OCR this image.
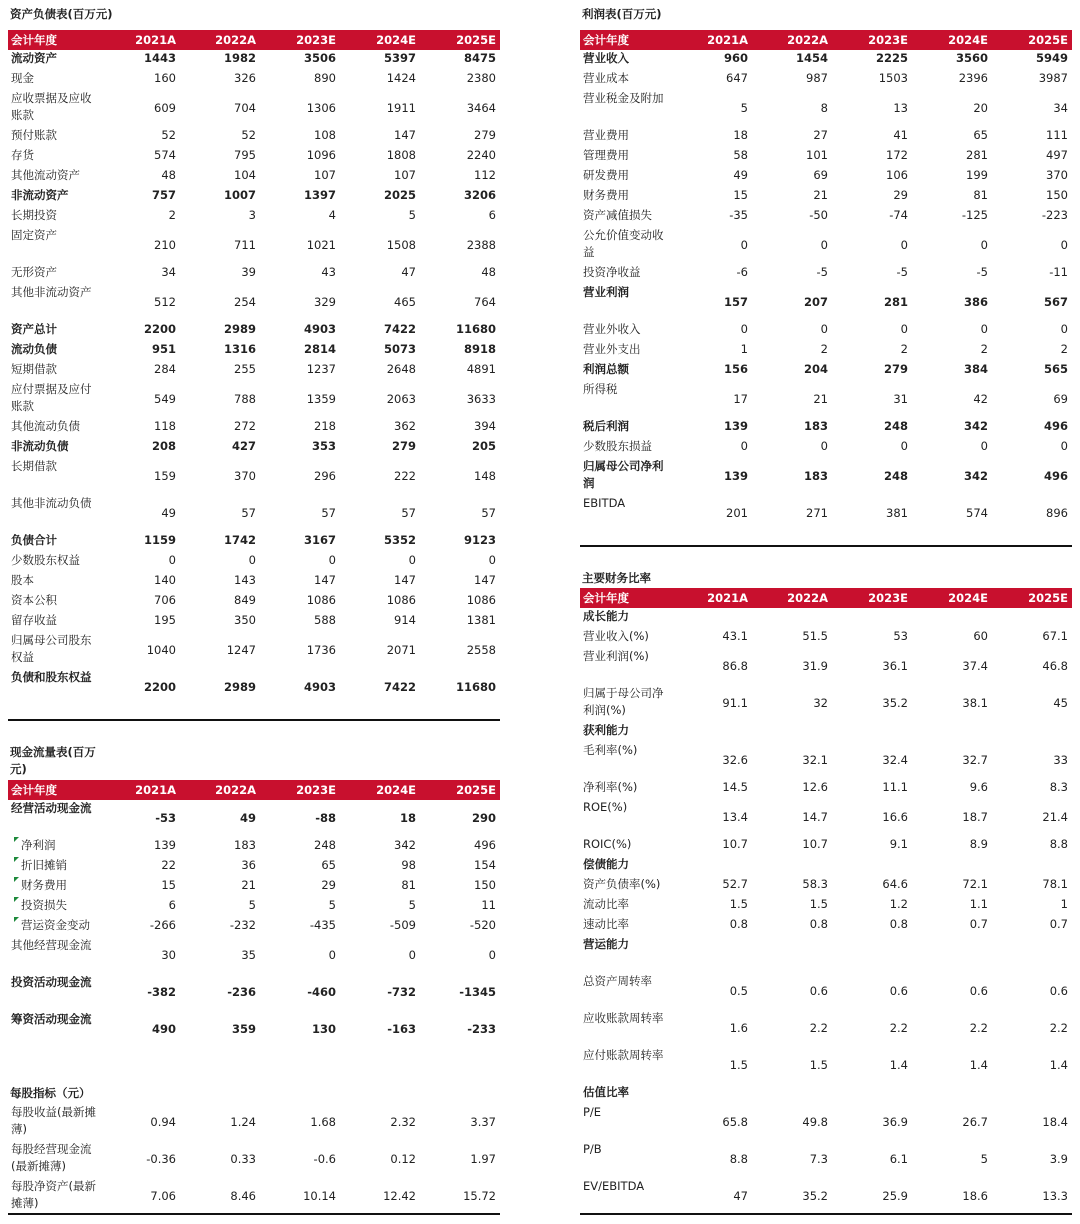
资产负债表(百万元)
会计年度	2021A	2022A	2023E	2024E	2025E
流动资产	1443	1982	3506	5397	8475
现金	160	326	890	1424	2380
应收票据及应收账款	609	704	1306	1911	3464
预付账款	52	52	108	147	279
存货	574	795	1096	1808	2240
其他流动资产	48	104	107	107	112
非流动资产	757	1007	1397	2025	3206
长期投资	2	3	4	5	6
固定资产	210	711	1021	1508	2388
无形资产	34	39	43	47	48
其他非流动资产	512	254	329	465	764
资产总计	2200	2989	4903	7422	11680
流动负债	951	1316	2814	5073	8918
短期借款	284	255	1237	2648	4891
应付票据及应付账款	549	788	1359	2063	3633
其他流动负债	118	272	218	362	394
非流动负债	208	427	353	279	205
长期借款	159	370	296	222	148
其他非流动负债	49	57	57	57	57
负债合计	1159	1742	3167	5352	9123
少数股东权益	0	0	0	0	0
股本	140	143	147	147	147
资本公积	706	849	1086	1086	1086
留存收益	195	350	588	914	1381
归属母公司股东权益	1040	1247	1736	2071	2558
负债和股东权益	2200	2989	4903	7422	11680
现金流量表(百万元)
会计年度	2021A	2022A	2023E	2024E	2025E
经营活动现金流	-53	49	-88	18	290
净利润	139	183	248	342	496
折旧摊销	22	36	65	98	154
财务费用	15	21	29	81	150
投资损失	6	5	5	5	11
营运资金变动	-266	-232	-435	-509	-520
其他经营现金流	30	35	0	0	0
投资活动现金流	-382	-236	-460	-732	-1345
筹资活动现金流	490	359	130	-163	-233
每股指标（元）
每股收益(最新摊薄)	0.94	1.24	1.68	2.32	3.37
每股经营现金流(最新摊薄)	-0.36	0.33	-0.6	0.12	1.97
每股净资产(最新摊薄)	7.06	8.46	10.14	12.42	15.72
利润表(百万元)
会计年度	2021A	2022A	2023E	2024E	2025E
营业收入	960	1454	2225	3560	5949
营业成本	647	987	1503	2396	3987
营业税金及附加	5	8	13	20	34
营业费用	18	27	41	65	111
管理费用	58	101	172	281	497
研发费用	49	69	106	199	370
财务费用	15	21	29	81	150
资产减值损失	-35	-50	-74	-125	-223
公允价值变动收益	0	0	0	0	0
投资净收益	-6	-5	-5	-5	-11
营业利润	157	207	281	386	567
营业外收入	0	0	0	0	0
营业外支出	1	2	2	2	2
利润总额	156	204	279	384	565
所得税	17	21	31	42	69
税后利润	139	183	248	342	496
少数股东损益	0	0	0	0	0
归属母公司净利润	139	183	248	342	496
EBITDA	201	271	381	574	896
主要财务比率
会计年度	2021A	2022A	2023E	2024E	2025E
成长能力					
营业收入(%)	43.1	51.5	53	60	67.1
营业利润(%)	86.8	31.9	36.1	37.4	46.8
归属于母公司净利润(%)	91.1	32	35.2	38.1	45
获利能力					
毛利率(%)	32.6	32.1	32.4	32.7	33
净利率(%)	14.5	12.6	11.1	9.6	8.3
ROE(%)	13.4	14.7	16.6	18.7	21.4
ROIC(%)	10.7	10.7	9.1	8.9	8.8
偿债能力					
资产负债率(%)	52.7	58.3	64.6	72.1	78.1
流动比率	1.5	1.5	1.2	1.1	1
速动比率	0.8	0.8	0.8	0.7	0.7
营运能力					
总资产周转率	0.5	0.6	0.6	0.6	0.6
应收账款周转率	1.6	2.2	2.2	2.2	2.2
应付账款周转率	1.5	1.5	1.4	1.4	1.4
估值比率					
P/E	65.8	49.8	36.9	26.7	18.4
P/B	8.8	7.3	6.1	5	3.9
EV/EBITDA	47	35.2	25.9	18.6	13.3
